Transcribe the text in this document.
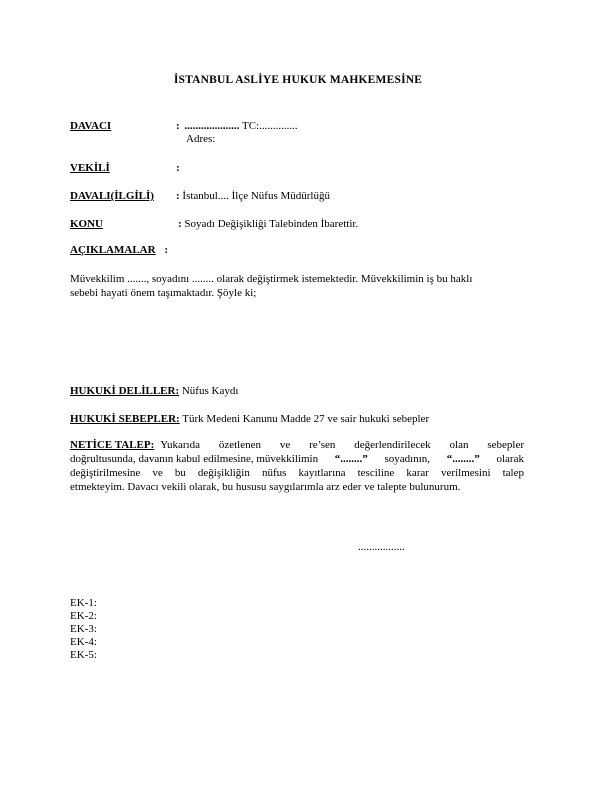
İSTANBUL ASLİYE HUKUK MAHKEMESİNE
DAVACI	: .................... TC:..............
Adres:
VEKİLİ	:
DAVALI(İLGİLİ) : İstanbul.... İlçe Nüfus Müdürlüğü
KONU	: Soyadı Değişikliği Talebinden İbarettir.
AÇIKLAMALAR :
Müvekkilim ......., soyadını ........ olarak değiştirmek istemektedir. Müvekkilimin iş bu haklı
sebebi hayati önem taşımaktadır. Şöyle ki;
HUKUKİ DELİLLER: Nüfus Kaydı
HUKUKİ SEBEPLER: Türk Medeni Kanunu Madde 27 ve sair hukuki sebepler
NETİCE TALEP: Yukarıda özetlenen ve re’sen değerlendirilecek olan sebepler
doğrultusunda, davanın kabul edilmesine, müvekkilimin “........” soyadının, “........” olarak
değiştirilmesine ve bu değişikliğin nüfus kayıtlarına tesciline karar verilmesini talep
etmekteyim. Davacı vekili olarak, bu hususu saygılarımla arz eder ve talepte bulunurum.
.................
EK-1:
EK-2:
EK-3:
EK-4:
EK-5:
